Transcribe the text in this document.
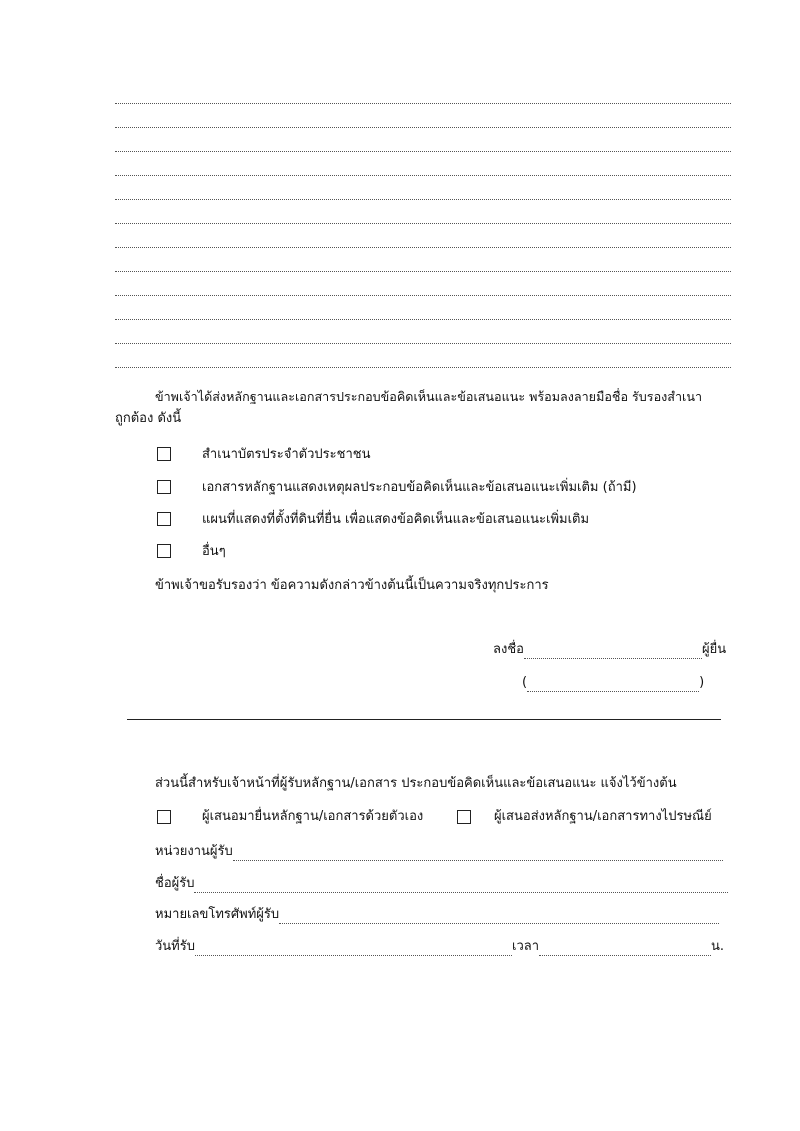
ข้าพเจ้าได้ส่งหลักฐานและเอกสารประกอบข้อคิดเห็นและข้อเสนอแนะ พร้อมลงลายมือชื่อ รับรองสำเนา
ถูกต้อง ดังนี้
สำเนาบัตรประจำตัวประชาชน
เอกสารหลักฐานแสดงเหตุผลประกอบข้อคิดเห็นและข้อเสนอแนะเพิ่มเติม (ถ้ามี)
แผนที่แสดงที่ตั้งที่ดินที่ยื่น เพื่อแสดงข้อคิดเห็นและข้อเสนอแนะเพิ่มเติม
อื่นๆ
ข้าพเจ้าขอรับรองว่า ข้อความดังกล่าวข้างต้นนี้เป็นความจริงทุกประการ
ลงชื่อ	ผู้ยื่น
(	)
ส่วนนี้สำหรับเจ้าหน้าที่ผู้รับหลักฐาน/เอกสาร ประกอบข้อคิดเห็นและข้อเสนอแนะ แจ้งไว้ข้างต้น
ผู้เสนอมายื่นหลักฐาน/เอกสารด้วยตัวเอง	ผู้เสนอส่งหลักฐาน/เอกสารทางไปรษณีย์
หน่วยงานผู้รับ
ชื่อผู้รับ
หมายเลขโทรศัพท์ผู้รับ
วันที่รับ	เวลา	น.
